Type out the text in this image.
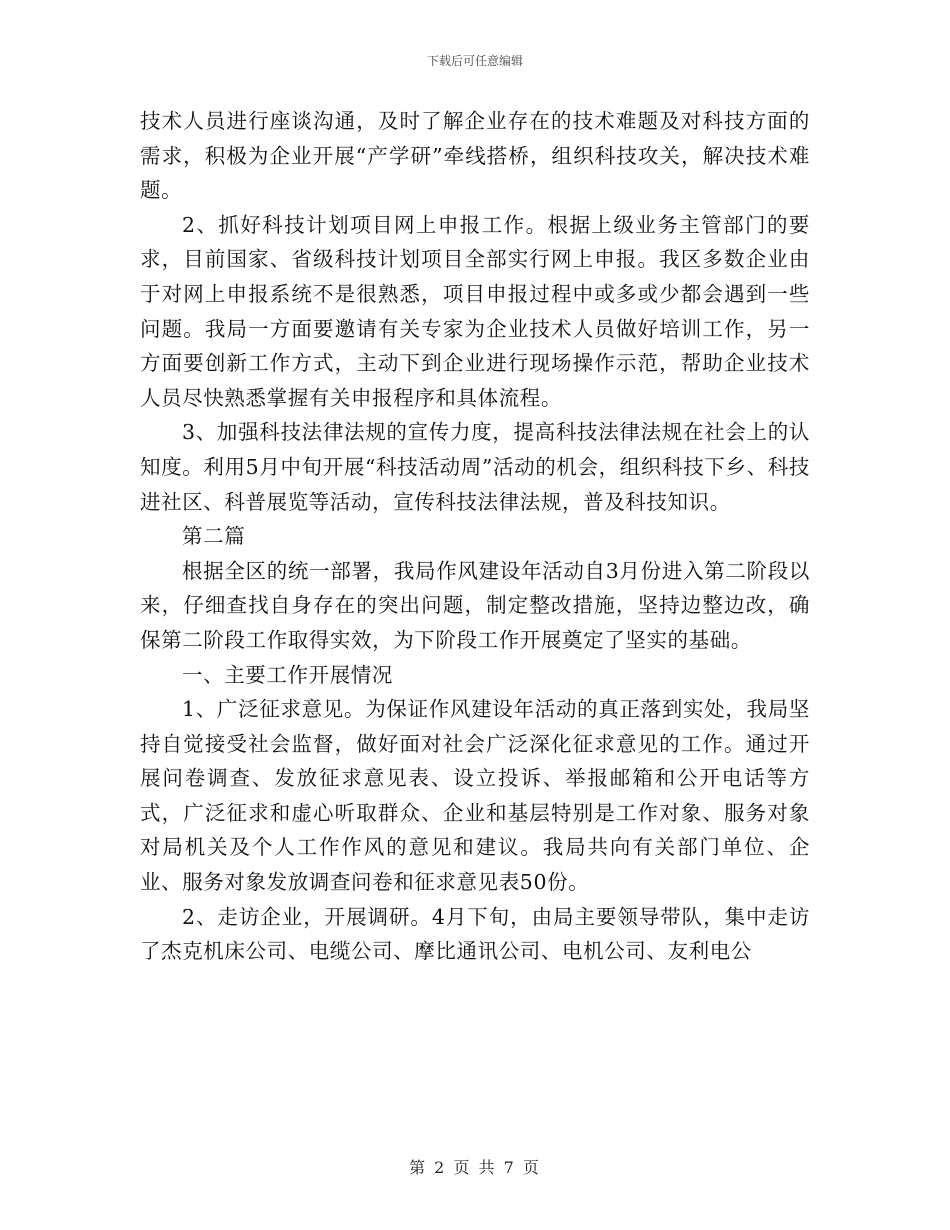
下载后可任意编辑

技术人员进行座谈沟通，及时了解企业存在的技术难题及对科技方面的需求，积极为企业开展“产学研”牵线搭桥，组织科技攻关，解决技术难题。

2、抓好科技计划项目网上申报工作。根据上级业务主管部门的要求，目前国家、省级科技计划项目全部实行网上申报。我区多数企业由于对网上申报系统不是很熟悉，项目申报过程中或多或少都会遇到一些问题。我局一方面要邀请有关专家为企业技术人员做好培训工作，另一方面要创新工作方式，主动下到企业进行现场操作示范，帮助企业技术人员尽快熟悉掌握有关申报程序和具体流程。

3、加强科技法律法规的宣传力度，提高科技法律法规在社会上的认知度。利用5月中旬开展“科技活动周”活动的机会，组织科技下乡、科技进社区、科普展览等活动，宣传科技法律法规，普及科技知识。

第二篇

根据全区的统一部署，我局作风建设年活动自3月份进入第二阶段以来，仔细查找自身存在的突出问题，制定整改措施，坚持边整边改，确保第二阶段工作取得实效，为下阶段工作开展奠定了坚实的基础。

一、主要工作开展情况

1、广泛征求意见。为保证作风建设年活动的真正落到实处，我局坚持自觉接受社会监督，做好面对社会广泛深化征求意见的工作。通过开展问卷调查、发放征求意见表、设立投诉、举报邮箱和公开电话等方式，广泛征求和虚心听取群众、企业和基层特别是工作对象、服务对象对局机关及个人工作作风的意见和建议。我局共向有关部门单位、企业、服务对象发放调查问卷和征求意见表50份。

2、走访企业，开展调研。4月下旬，由局主要领导带队，集中走访了杰克机床公司、电缆公司、摩比通讯公司、电机公司、友利电公

第 2 页 共 7 页
